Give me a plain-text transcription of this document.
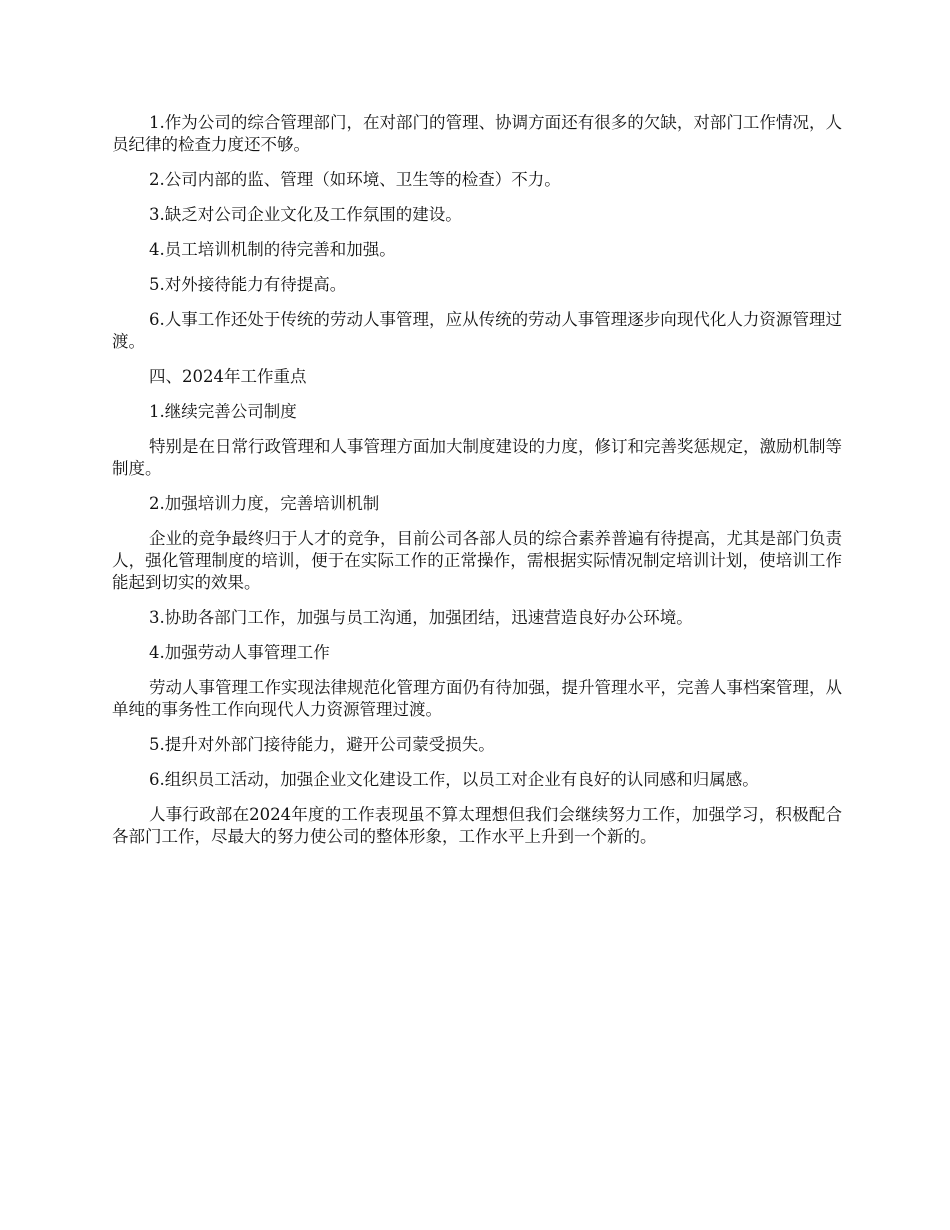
1.作为公司的综合管理部门，在对部门的管理、协调方面还有很多的欠缺，对部门工作情况，人员纪律的检查力度还不够。

2.公司内部的监、管理（如环境、卫生等的检查）不力。

3.缺乏对公司企业文化及工作氛围的建设。

4.员工培训机制的待完善和加强。

5.对外接待能力有待提高。

6.人事工作还处于传统的劳动人事管理，应从传统的劳动人事管理逐步向现代化人力资源管理过渡。

四、2024年工作重点

1.继续完善公司制度

特别是在日常行政管理和人事管理方面加大制度建设的力度，修订和完善奖惩规定，激励机制等制度。

2.加强培训力度，完善培训机制

企业的竞争最终归于人才的竞争，目前公司各部人员的综合素养普遍有待提高，尤其是部门负责人，强化管理制度的培训，便于在实际工作的正常操作，需根据实际情况制定培训计划，使培训工作能起到切实的效果。

3.协助各部门工作，加强与员工沟通，加强团结，迅速营造良好办公环境。

4.加强劳动人事管理工作

劳动人事管理工作实现法律规范化管理方面仍有待加强，提升管理水平，完善人事档案管理，从单纯的事务性工作向现代人力资源管理过渡。

5.提升对外部门接待能力，避开公司蒙受损失。

6.组织员工活动，加强企业文化建设工作，以员工对企业有良好的认同感和归属感。

人事行政部在2024年度的工作表现虽不算太理想但我们会继续努力工作，加强学习，积极配合各部门工作，尽最大的努力使公司的整体形象，工作水平上升到一个新的。
